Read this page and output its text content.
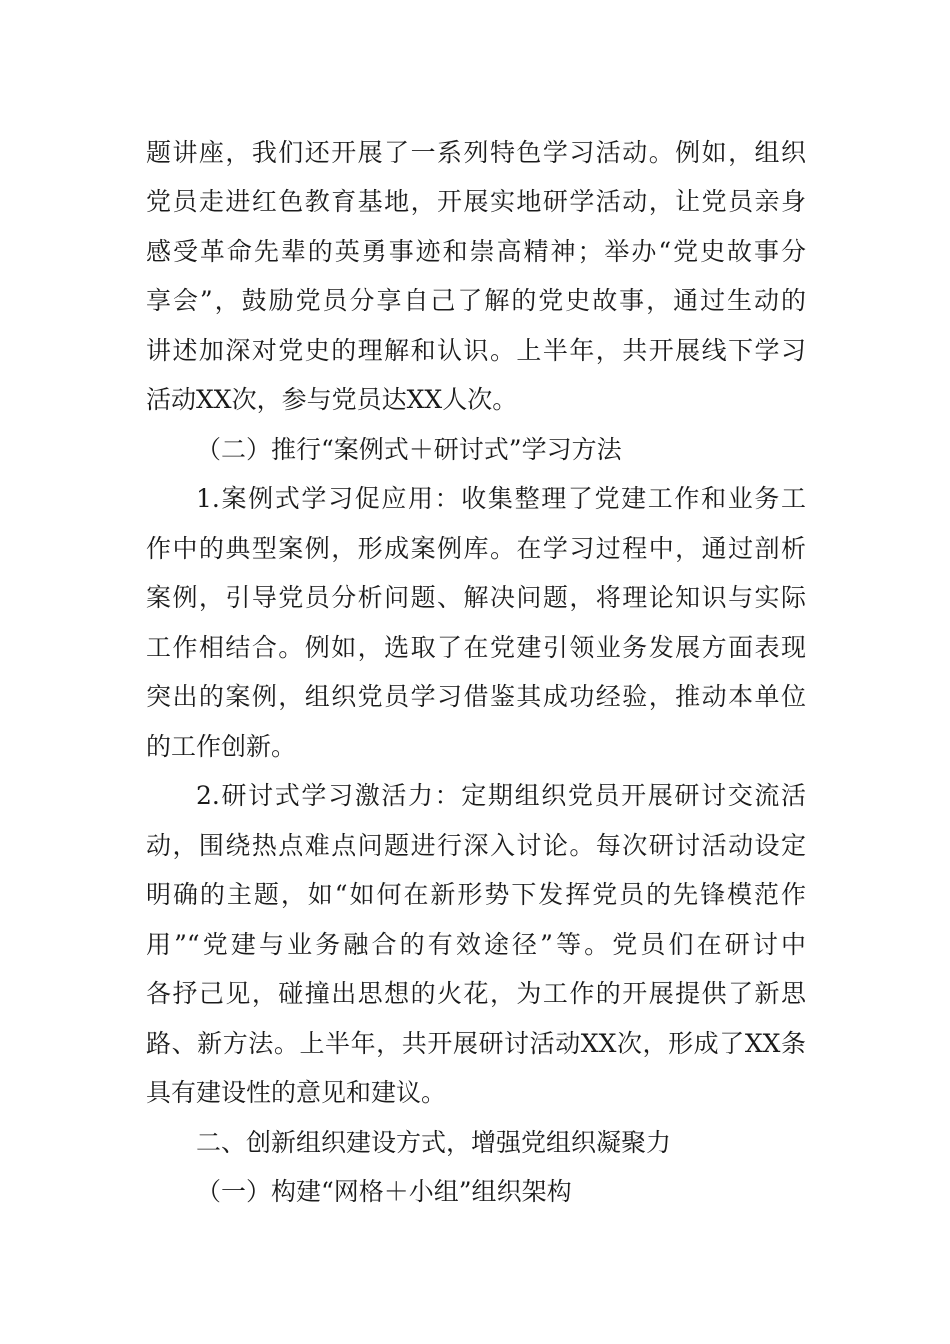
题讲座，我们还开展了一系列特色学习活动。例如，组织
党员走进红色教育基地，开展实地研学活动，让党员亲身
感受革命先辈的英勇事迹和崇高精神；举办“党史故事分
享会”，鼓励党员分享自己了解的党史故事，通过生动的
讲述加深对党史的理解和认识。上半年，共开展线下学习
活动XX次，参与党员达XX人次。
（二）推行“案例式＋研讨式”学习方法
1.案例式学习促应用：收集整理了党建工作和业务工
作中的典型案例，形成案例库。在学习过程中，通过剖析
案例，引导党员分析问题、解决问题，将理论知识与实际
工作相结合。例如，选取了在党建引领业务发展方面表现
突出的案例，组织党员学习借鉴其成功经验，推动本单位
的工作创新。
2.研讨式学习激活力：定期组织党员开展研讨交流活
动，围绕热点难点问题进行深入讨论。每次研讨活动设定
明确的主题，如“如何在新形势下发挥党员的先锋模范作
用”“党建与业务融合的有效途径”等。党员们在研讨中
各抒己见，碰撞出思想的火花，为工作的开展提供了新思
路、新方法。上半年，共开展研讨活动XX次，形成了XX条
具有建设性的意见和建议。
二、创新组织建设方式，增强党组织凝聚力
（一）构建“网格＋小组”组织架构
